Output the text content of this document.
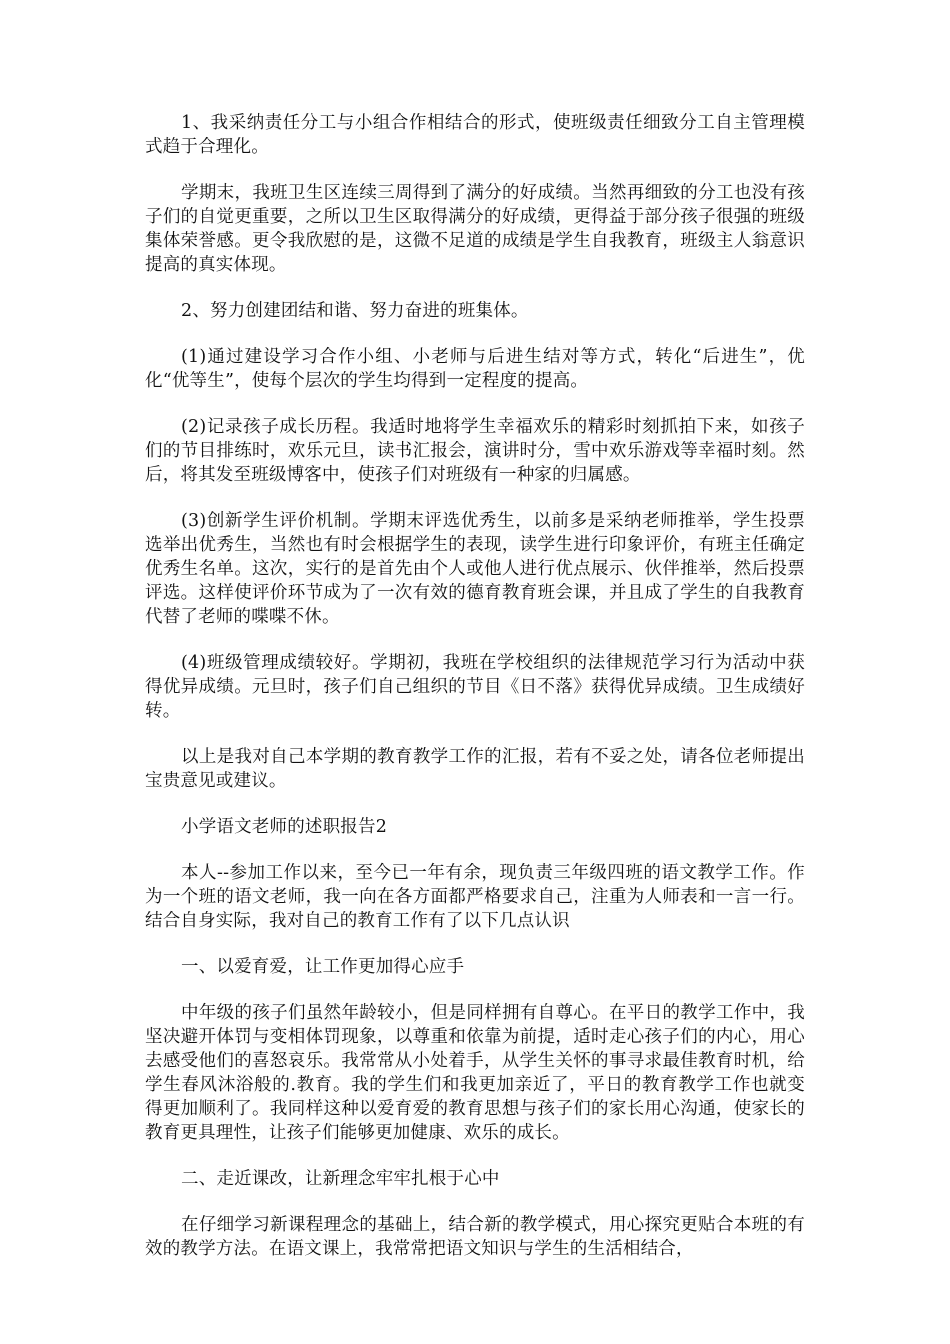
1、我采纳责任分工与小组合作相结合的形式，使班级责任细致分工自主管理模式趋于合理化。

学期末，我班卫生区连续三周得到了满分的好成绩。当然再细致的分工也没有孩子们的自觉更重要，之所以卫生区取得满分的好成绩，更得益于部分孩子很强的班级集体荣誉感。更令我欣慰的是，这微不足道的成绩是学生自我教育，班级主人翁意识提高的真实体现。

2、努力创建团结和谐、努力奋进的班集体。

(1)通过建设学习合作小组、小老师与后进生结对等方式，转化“后进生”，优化“优等生”，使每个层次的学生均得到一定程度的提高。

(2)记录孩子成长历程。我适时地将学生幸福欢乐的精彩时刻抓拍下来，如孩子们的节目排练时，欢乐元旦，读书汇报会，演讲时分，雪中欢乐游戏等幸福时刻。然后，将其发至班级博客中，使孩子们对班级有一种家的归属感。

(3)创新学生评价机制。学期末评选优秀生，以前多是采纳老师推举，学生投票选举出优秀生，当然也有时会根据学生的表现，读学生进行印象评价，有班主任确定优秀生名单。这次，实行的是首先由个人或他人进行优点展示、伙伴推举，然后投票评选。这样使评价环节成为了一次有效的德育教育班会课，并且成了学生的自我教育代替了老师的喋喋不休。

(4)班级管理成绩较好。学期初，我班在学校组织的法律规范学习行为活动中获得优异成绩。元旦时，孩子们自己组织的节目《日不落》获得优异成绩。卫生成绩好转。

以上是我对自己本学期的教育教学工作的汇报，若有不妥之处，请各位老师提出宝贵意见或建议。

小学语文老师的述职报告2

本人--参加工作以来，至今已一年有余，现负责三年级四班的语文教学工作。作为一个班的语文老师，我一向在各方面都严格要求自己，注重为人师表和一言一行。结合自身实际，我对自己的教育工作有了以下几点认识

一、以爱育爱，让工作更加得心应手

中年级的孩子们虽然年龄较小，但是同样拥有自尊心。在平日的教学工作中，我坚决避开体罚与变相体罚现象，以尊重和依靠为前提，适时走心孩子们的内心，用心去感受他们的喜怒哀乐。我常常从小处着手，从学生关怀的事寻求最佳教育时机，给学生春风沐浴般的.教育。我的学生们和我更加亲近了，平日的教育教学工作也就变得更加顺利了。我同样这种以爱育爱的教育思想与孩子们的家长用心沟通，使家长的教育更具理性，让孩子们能够更加健康、欢乐的成长。

二、走近课改，让新理念牢牢扎根于心中

在仔细学习新课程理念的基础上，结合新的教学模式，用心探究更贴合本班的有效的教学方法。在语文课上，我常常把语文知识与学生的生活相结合，
